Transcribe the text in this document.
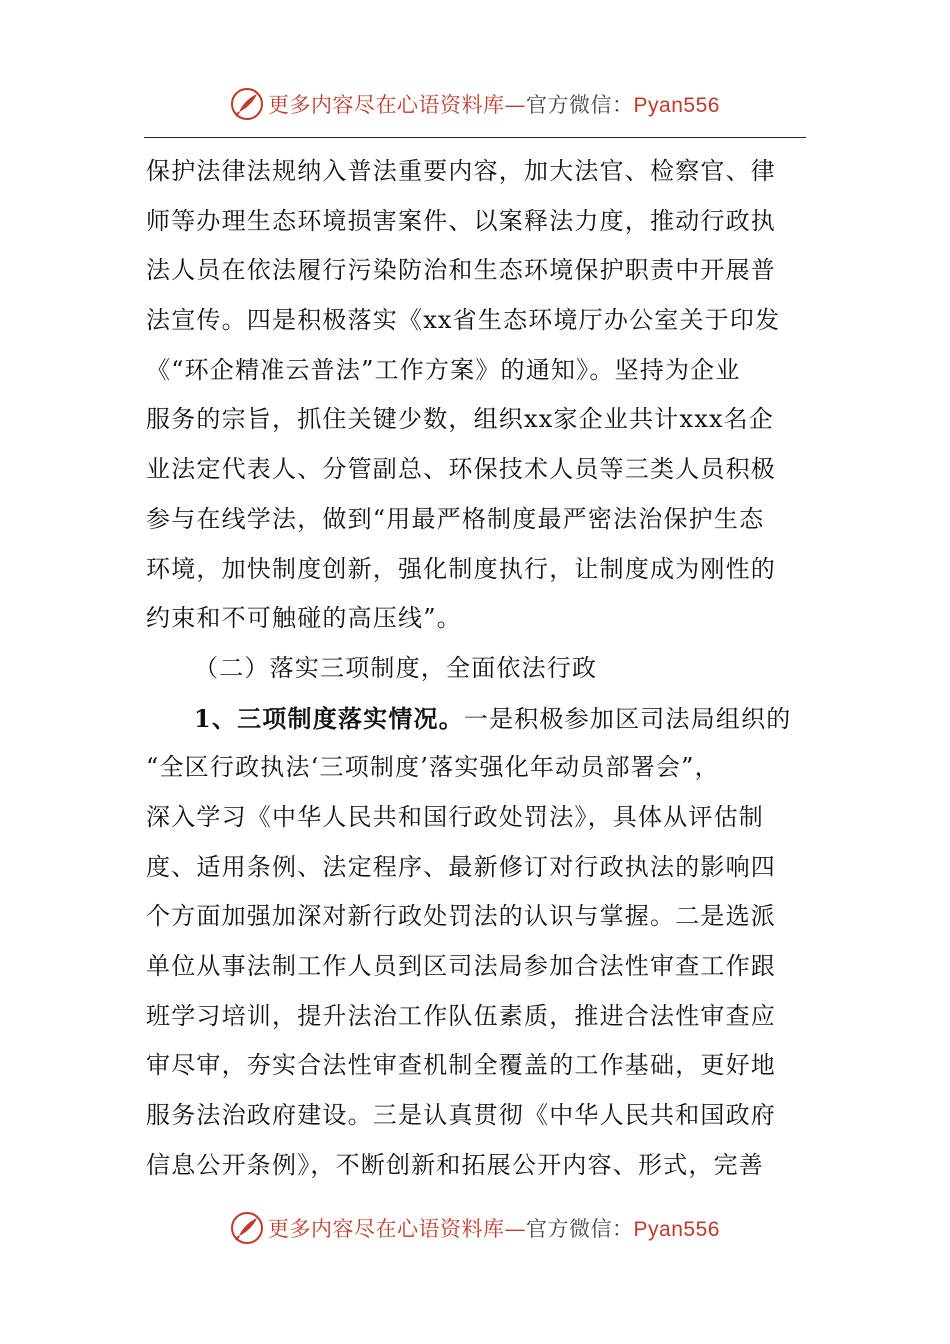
更多内容尽在心语资料库—官方微信：Pyan556
保护法律法规纳入普法重要内容，加大法官、检察官、律
师等办理生态环境损害案件、以案释法力度，推动行政执
法人员在依法履行污染防治和生态环境保护职责中开展普
法宣传。四是积极落实《xx省生态环境厅办公室关于印发
《“环企精准云普法”工作方案》的通知》。坚持为企业
服务的宗旨，抓住关键少数，组织xx家企业共计xxx名企
业法定代表人、分管副总、环保技术人员等三类人员积极
参与在线学法，做到“用最严格制度最严密法治保护生态
环境，加快制度创新，强化制度执行，让制度成为刚性的
约束和不可触碰的高压线”。
（二）落实三项制度，全面依法行政
1、三项制度落实情况。一是积极参加区司法局组织的
“全区行政执法‘三项制度’落实强化年动员部署会”，
深入学习《中华人民共和国行政处罚法》，具体从评估制
度、适用条例、法定程序、最新修订对行政执法的影响四
个方面加强加深对新行政处罚法的认识与掌握。二是选派
单位从事法制工作人员到区司法局参加合法性审查工作跟
班学习培训，提升法治工作队伍素质，推进合法性审查应
审尽审，夯实合法性审查机制全覆盖的工作基础，更好地
服务法治政府建设。三是认真贯彻《中华人民共和国政府
信息公开条例》，不断创新和拓展公开内容、形式，完善
更多内容尽在心语资料库—官方微信：Pyan556
